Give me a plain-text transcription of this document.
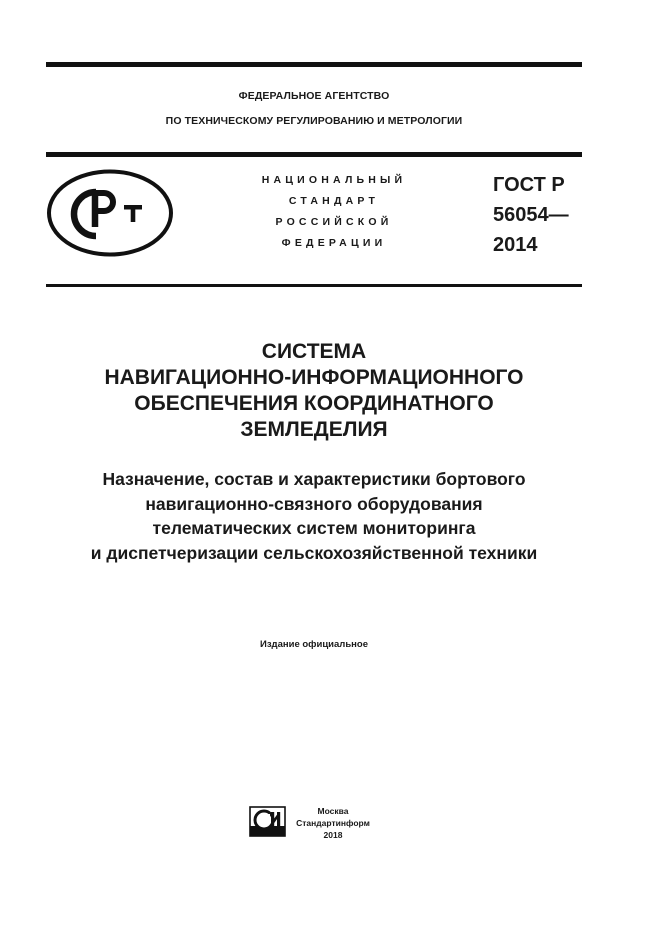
ФЕДЕРАЛЬНОЕ АГЕНТСТВО
ПО ТЕХНИЧЕСКОМУ РЕГУЛИРОВАНИЮ И МЕТРОЛОГИИ
НАЦИОНАЛЬНЫЙ
СТАНДАРТ
РОССИЙСКОЙ
ФЕДЕРАЦИИ
ГОСТ Р
56054—
2014
СИСТЕМА
НАВИГАЦИОННО-ИНФОРМАЦИОННОГО
ОБЕСПЕЧЕНИЯ КООРДИНАТНОГО
ЗЕМЛЕДЕЛИЯ
Назначение, состав и характеристики бортового
навигационно-связного оборудования
телематических систем мониторинга
и диспетчеризации сельскохозяйственной техники
Издание официальное
Москва
Стандартинформ
2018
